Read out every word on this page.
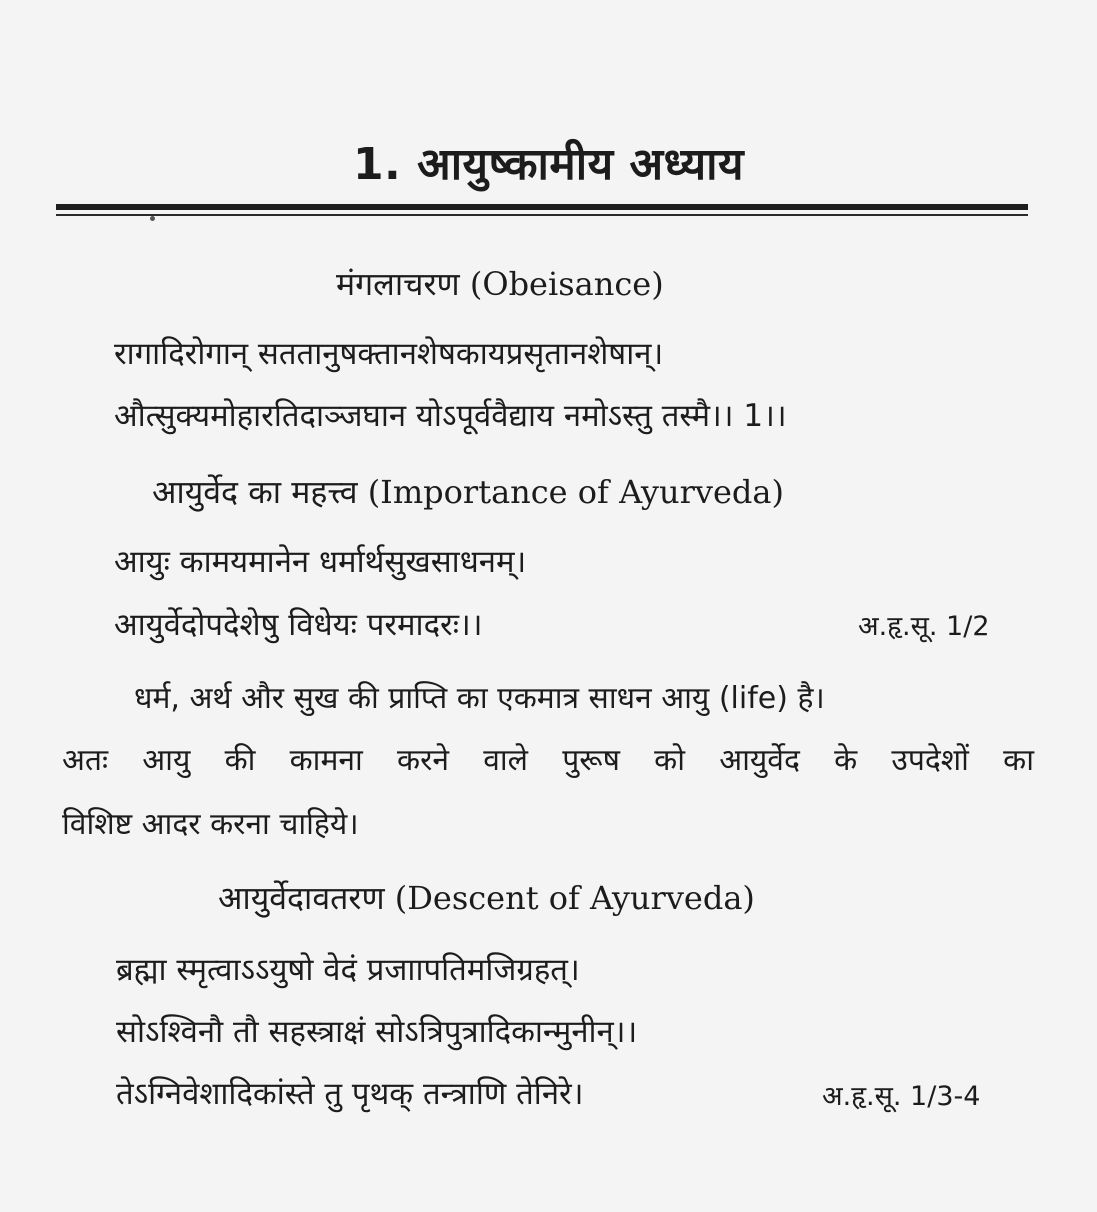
1. आयुष्कामीय अध्याय
मंगलाचरण (Obeisance)
रागादिरोगान् सततानुषक्तानशेषकायप्रसृतानशेषान्।
औत्सुक्यमोहारतिदाञ्जघान योऽपूर्ववैद्याय नमोऽस्तु तस्मै।। 1।।
आयुर्वेद का महत्त्व (Importance of Ayurveda)
आयुः कामयमानेन धर्मार्थसुखसाधनम्।
आयुर्वेदोपदेशेषु विधेयः परमादरः।।	अ.हृ.सू. 1/2
धर्म, अर्थ और सुख की प्राप्ति का एकमात्र साधन आयु (life) है।
अतः आयु की कामना करने वाले पुरूष को आयुर्वेद के उपदेशों का
विशिष्ट आदर करना चाहिये।
आयुर्वेदावतरण (Descent of Ayurveda)
ब्रह्मा स्मृत्वाऽऽयुषो वेदं प्रजाापतिमजिग्रहत्।
सोऽश्विनौ तौ सहस्त्राक्षं सोऽत्रिपुत्रादिकान्मुनीन्।।
तेऽग्निवेशादिकांस्ते तु पृथक् तन्त्राणि तेनिरे।	अ.हृ.सू. 1/3-4
